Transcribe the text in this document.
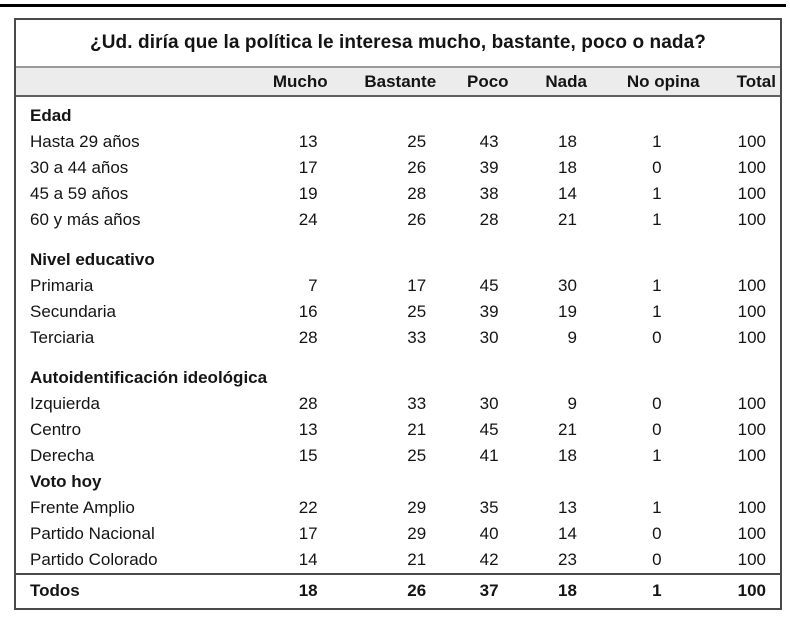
¿Ud. diría que la política le interesa mucho, bastante, poco o nada?
	Mucho	Bastante	Poco	Nada	No opina	Total
Edad						
Hasta 29 años	13	25	43	18	1	100
30 a 44 años	17	26	39	18	0	100
45 a 59 años	19	28	38	14	1	100
60 y más años	24	26	28	21	1	100
Nivel educativo						
Primaria	7	17	45	30	1	100
Secundaria	16	25	39	19	1	100
Terciaria	28	33	30	9	0	100
Autoidentificación ideológica						
Izquierda	28	33	30	9	0	100
Centro	13	21	45	21	0	100
Derecha	15	25	41	18	1	100
Voto hoy						
Frente Amplio	22	29	35	13	1	100
Partido Nacional	17	29	40	14	0	100
Partido Colorado	14	21	42	23	0	100
Todos	18	26	37	18	1	100
